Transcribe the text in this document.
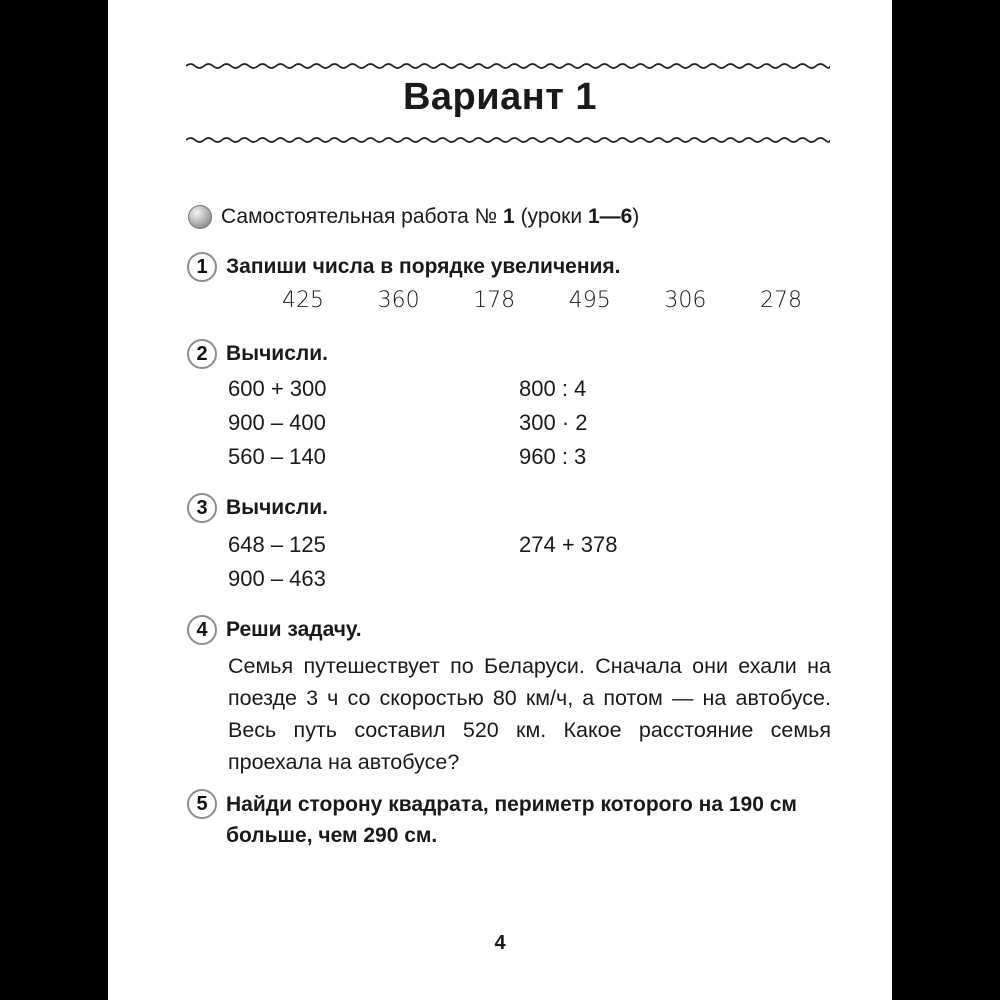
Вариант 1
Самостоятельная работа № 1 (уроки 1—6)
1 Запиши числа в порядке увеличения.
425 360 178 495 306 278
2 Вычисли.
600 + 300
900 – 400
560 – 140
800 : 4
300 · 2
960 : 3
3 Вычисли.
648 – 125
900 – 463
274 + 378
4 Реши задачу.
Семья путешествует по Беларуси. Сначала они ехали на поезде 3 ч со скоростью 80 км/ч, а потом — на автобусе. Весь путь составил 520 км. Какое расстояние семья проехала на автобусе?
5 Найди сторону квадрата, периметр которого на 190 см больше, чем 290 см.
4
